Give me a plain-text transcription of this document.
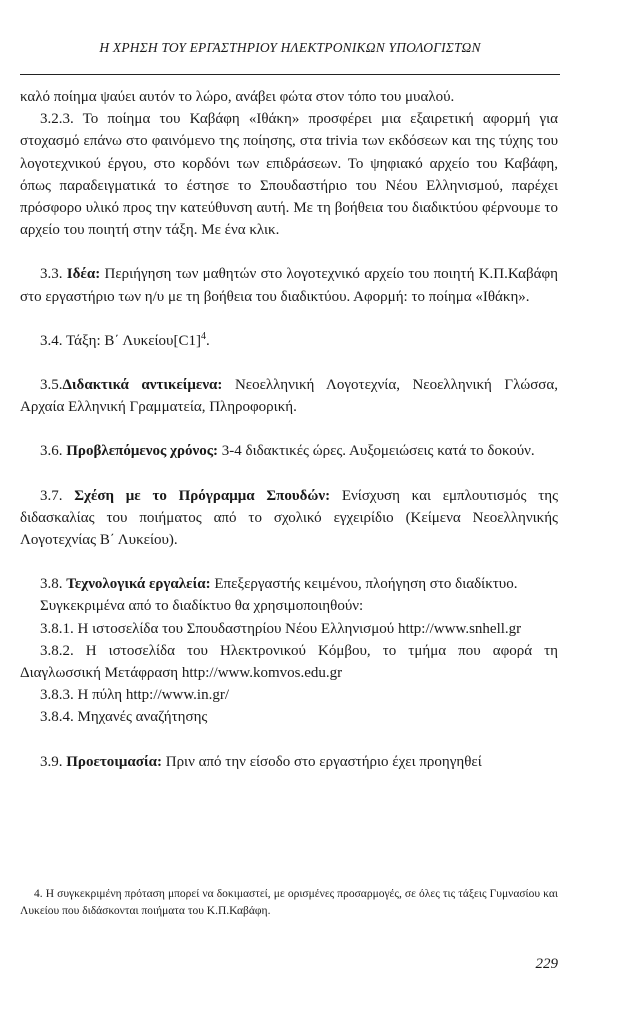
Η ΧΡΗΣΗ ΤΟΥ ΕΡΓΑΣΤΗΡΙΟΥ ΗΛΕΚΤΡΟΝΙΚΩΝ ΥΠΟΛΟΓΙΣΤΩΝ

καλό ποίημα ψαύει αυτόν το λώρο, ανάβει φώτα στον τόπο του μυαλού.

3.2.3. Το ποίημα του Καβάφη «Ιθάκη» προσφέρει μια εξαιρετική αφορμή για στοχασμό επάνω στο φαινόμενο της ποίησης, στα trivia των εκδόσεων και της τύχης του λογοτεχνικού έργου, στο κορδόνι των επιδράσεων. Το ψηφιακό αρχείο του Καβάφη, όπως παραδειγματικά το έστησε το Σπουδαστήριο του Νέου Ελληνισμού, παρέχει πρόσφορο υλικό προς την κατεύθυνση αυτή. Με τη βοήθεια του διαδικτύου φέρνουμε το αρχείο του ποιητή στην τάξη. Με ένα κλικ.

3.3. Ιδέα: Περιήγηση των μαθητών στο λογοτεχνικό αρχείο του ποιητή Κ.Π.Καβάφη στο εργαστήριο των η/υ με τη βοήθεια του διαδικτύου. Αφορμή: το ποίημα «Ιθάκη».

3.4. Τάξη: Β΄ $\Lambda\upsilon\kappa\varepsilon ίo\upsilon[C1]^4$.

3.5.Διδακτικά αντικείμενα: Νεοελληνική Λογοτεχνία, Νεοελληνική Γλώσσα, Αρχαία Ελληνική Γραμματεία, Πληροφορική.

3.6. Προβλεπόμενος χρόνος: 3-4 διδακτικές ώρες. Αυξομειώσεις κατά το δοκούν.

3.7. Σχέση με το Πρόγραμμα Σπουδών: Ενίσχυση και εμπλουτισμός της διδασκαλίας του ποιήματος από το σχολικό εγχειρίδιο (Κείμενα Νεοελληνικής Λογοτεχνίας Β΄ Λυκείου).

3.8. Τεχνολογικά εργαλεία: Επεξεργαστής κειμένου, πλοήγηση στο διαδίκτυο.

Συγκεκριμένα από το διαδίκτυο θα χρησιμοποιηθούν:

3.8.1. Η ιστοσελίδα του Σπουδαστηρίου Νέου Ελληνισμού http://www.snhell.gr

3.8.2. Η ιστοσελίδα του Ηλεκτρονικού Κόμβου, το τμήμα που αφορά τη Διαγλωσσική Μετάφραση http://www.komvos.edu.gr

3.8.3. Η πύλη http://www.in.gr/

3.8.4. Μηχανές αναζήτησης

3.9. Προετοιμασία: Πριν από την είσοδο στο εργαστήριο έχει προηγηθεί

4. Η συγκεκριμένη πρόταση μπορεί να δοκιμαστεί, με ορισμένες προσαρμογές, σε όλες τις τάξεις Γυμνασίου και Λυκείου που διδάσκονται ποιήματα του Κ.Π.Καβάφη.

229
